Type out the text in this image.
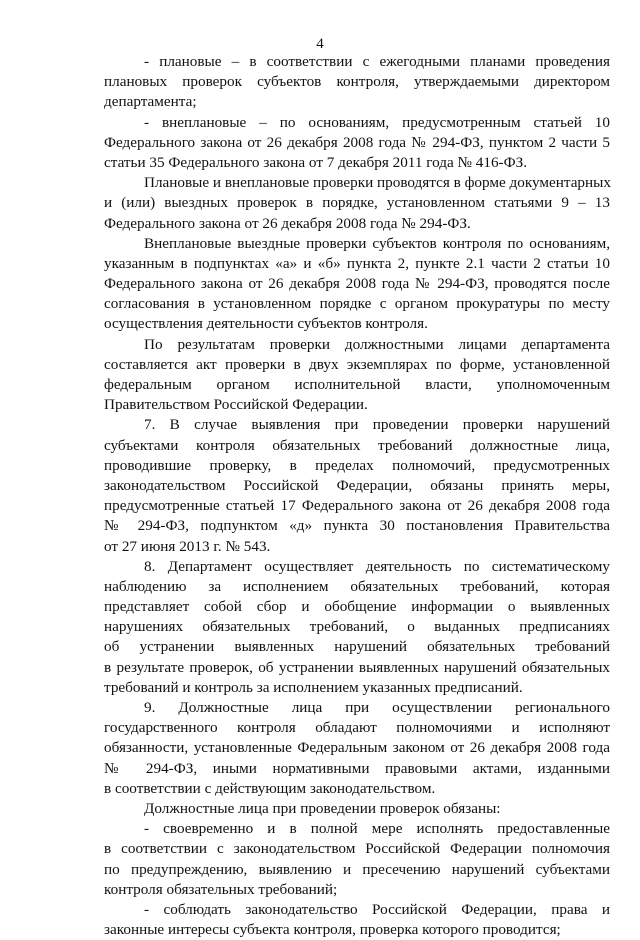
4

- плановые – в соответствии с ежегодными планами проведения
плановых проверок субъектов контроля, утверждаемыми директором
департамента;

- внеплановые – по основаниям, предусмотренным статьей 10
Федерального закона от 26 декабря 2008 года № 294-ФЗ, пунктом 2 части 5
статьи 35 Федерального закона от 7 декабря 2011 года № 416-ФЗ.

Плановые и внеплановые проверки проводятся в форме документарных
и (или) выездных проверок в порядке, установленном статьями 9 – 13
Федерального закона от 26 декабря 2008 года № 294-ФЗ.

Внеплановые выездные проверки субъектов контроля по основаниям,
указанным в подпунктах «а» и «б» пункта 2, пункте 2.1 части 2 статьи 10
Федерального закона от 26 декабря 2008 года № 294-ФЗ, проводятся после
согласования в установленном порядке с органом прокуратуры по месту
осуществления деятельности субъектов контроля.

По результатам проверки должностными лицами департамента
составляется акт проверки в двух экземплярах по форме, установленной
федеральным органом исполнительной власти, уполномоченным
Правительством Российской Федерации.

7. В случае выявления при проведении проверки нарушений
субъектами контроля обязательных требований должностные лица,
проводившие проверку, в пределах полномочий, предусмотренных
законодательством Российской Федерации, обязаны принять меры,
предусмотренные статьей 17 Федерального закона от 26 декабря 2008 года
№ 294-ФЗ, подпунктом «д» пункта 30 постановления Правительства
от 27 июня 2013 г. № 543.

8. Департамент осуществляет деятельность по систематическому
наблюдению за исполнением обязательных требований, которая
представляет собой сбор и обобщение информации о выявленных
нарушениях обязательных требований, о выданных предписаниях
об устранении выявленных нарушений обязательных требований
в результате проверок, об устранении выявленных нарушений обязательных
требований и контроль за исполнением указанных предписаний.

9. Должностные лица при осуществлении регионального
государственного контроля обладают полномочиями и исполняют
обязанности, установленные Федеральным законом от 26 декабря 2008 года
№ 294-ФЗ, иными нормативными правовыми актами, изданными
в соответствии с действующим законодательством.

Должностные лица при проведении проверок обязаны:

- своевременно и в полной мере исполнять предоставленные
в соответствии с законодательством Российской Федерации полномочия
по предупреждению, выявлению и пресечению нарушений субъектами
контроля обязательных требований;

- соблюдать законодательство Российской Федерации, права и
законные интересы субъекта контроля, проверка которого проводится;
